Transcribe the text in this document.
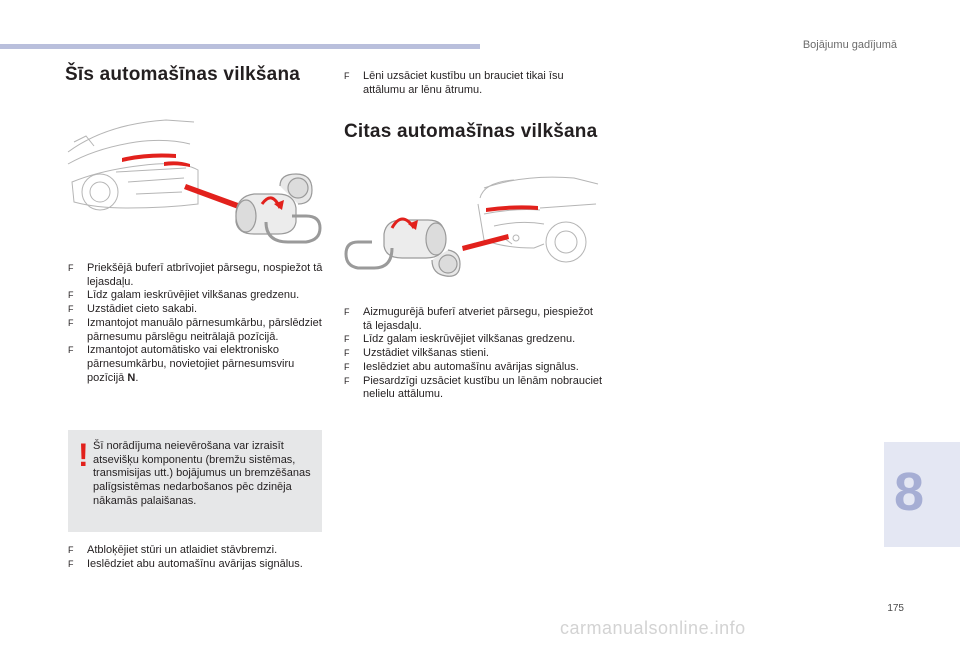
Bojājumu gadījumā
Šīs automašīnas vilkšana
F Priekšējā buferī atbrīvojiet pārsegu, nospiežot tā lejasdaļu.
F Līdz galam ieskrūvējiet vilkšanas gredzenu.
F Uzstādiet cieto sakabi.
F Izmantojot manuālo pārnesumkārbu, pārslēdziet pārnesumu pārslēgu neitrālajā pozīcijā.
F Izmantojot automātisko vai elektronisko pārnesumkārbu, novietojiet pārnesumsviru pozīcijā N.
! Šī norādījuma neievērošana var izraisīt atsevišķu komponentu (bremžu sistēmas, transmisijas utt.) bojājumus un bremzēšanas palīgsistēmas nedarbošanos pēc dzinēja nākamās palaišanas.
F Atbloķējiet stūri un atlaidiet stāvbremzi.
F Ieslēdziet abu automašīnu avārijas signālus.
F Lēni uzsāciet kustību un brauciet tikai īsu attālumu ar lēnu ātrumu.
Citas automašīnas vilkšana
F Aizmugurējā buferī atveriet pārsegu, piespiežot tā lejasdaļu.
F Līdz galam ieskrūvējiet vilkšanas gredzenu.
F Uzstādiet vilkšanas stieni.
F Ieslēdziet abu automašīnu avārijas signālus.
F Piesardzīgi uzsāciet kustību un lēnām nobrauciet nelielu attālumu.
8
175
carmanualsonline.info
